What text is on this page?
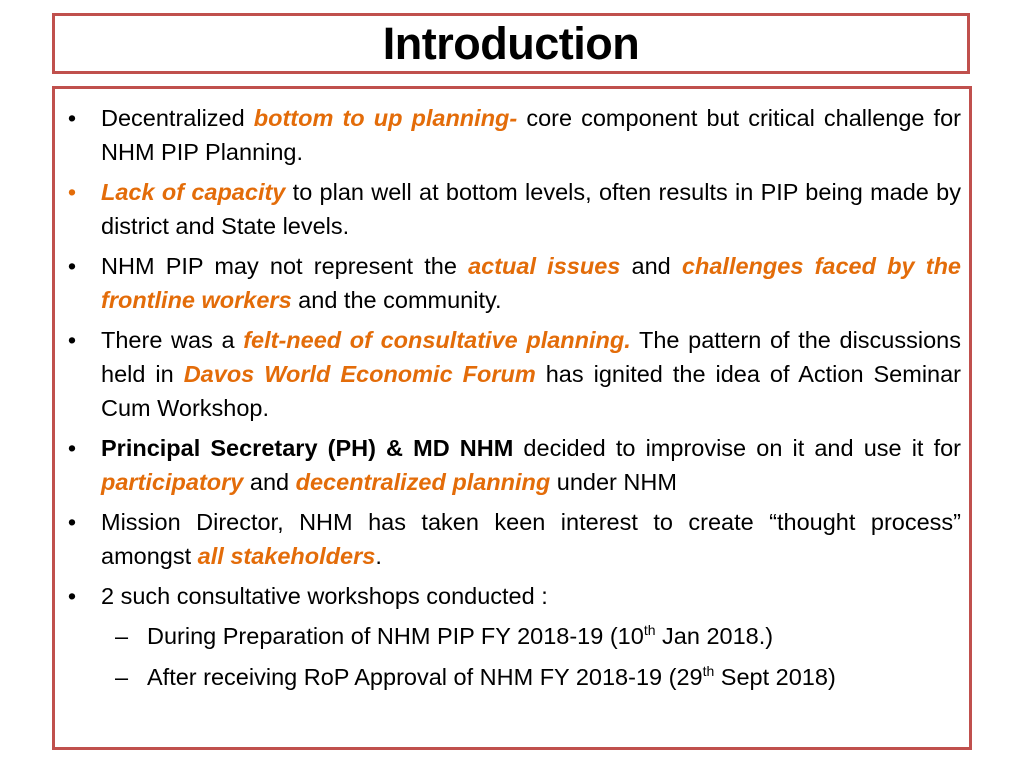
Introduction
• Decentralized bottom to up planning- core component but critical challenge for NHM PIP Planning.
• Lack of capacity to plan well at bottom levels, often results in PIP being made by district and State levels.
• NHM PIP may not represent the actual issues and challenges faced by the frontline workers and the community.
• There was a felt-need of consultative planning. The pattern of the discussions held in Davos World Economic Forum has ignited the idea of Action Seminar Cum Workshop.
• Principal Secretary (PH) & MD NHM decided to improvise on it and use it for participatory and decentralized planning under NHM
• Mission Director, NHM has taken keen interest to create “thought process” amongst all stakeholders.
• 2 such consultative workshops conducted :
– During Preparation of NHM PIP FY 2018-19 (10th Jan 2018.)
– After receiving RoP Approval of NHM FY 2018-19 (29th Sept 2018)
